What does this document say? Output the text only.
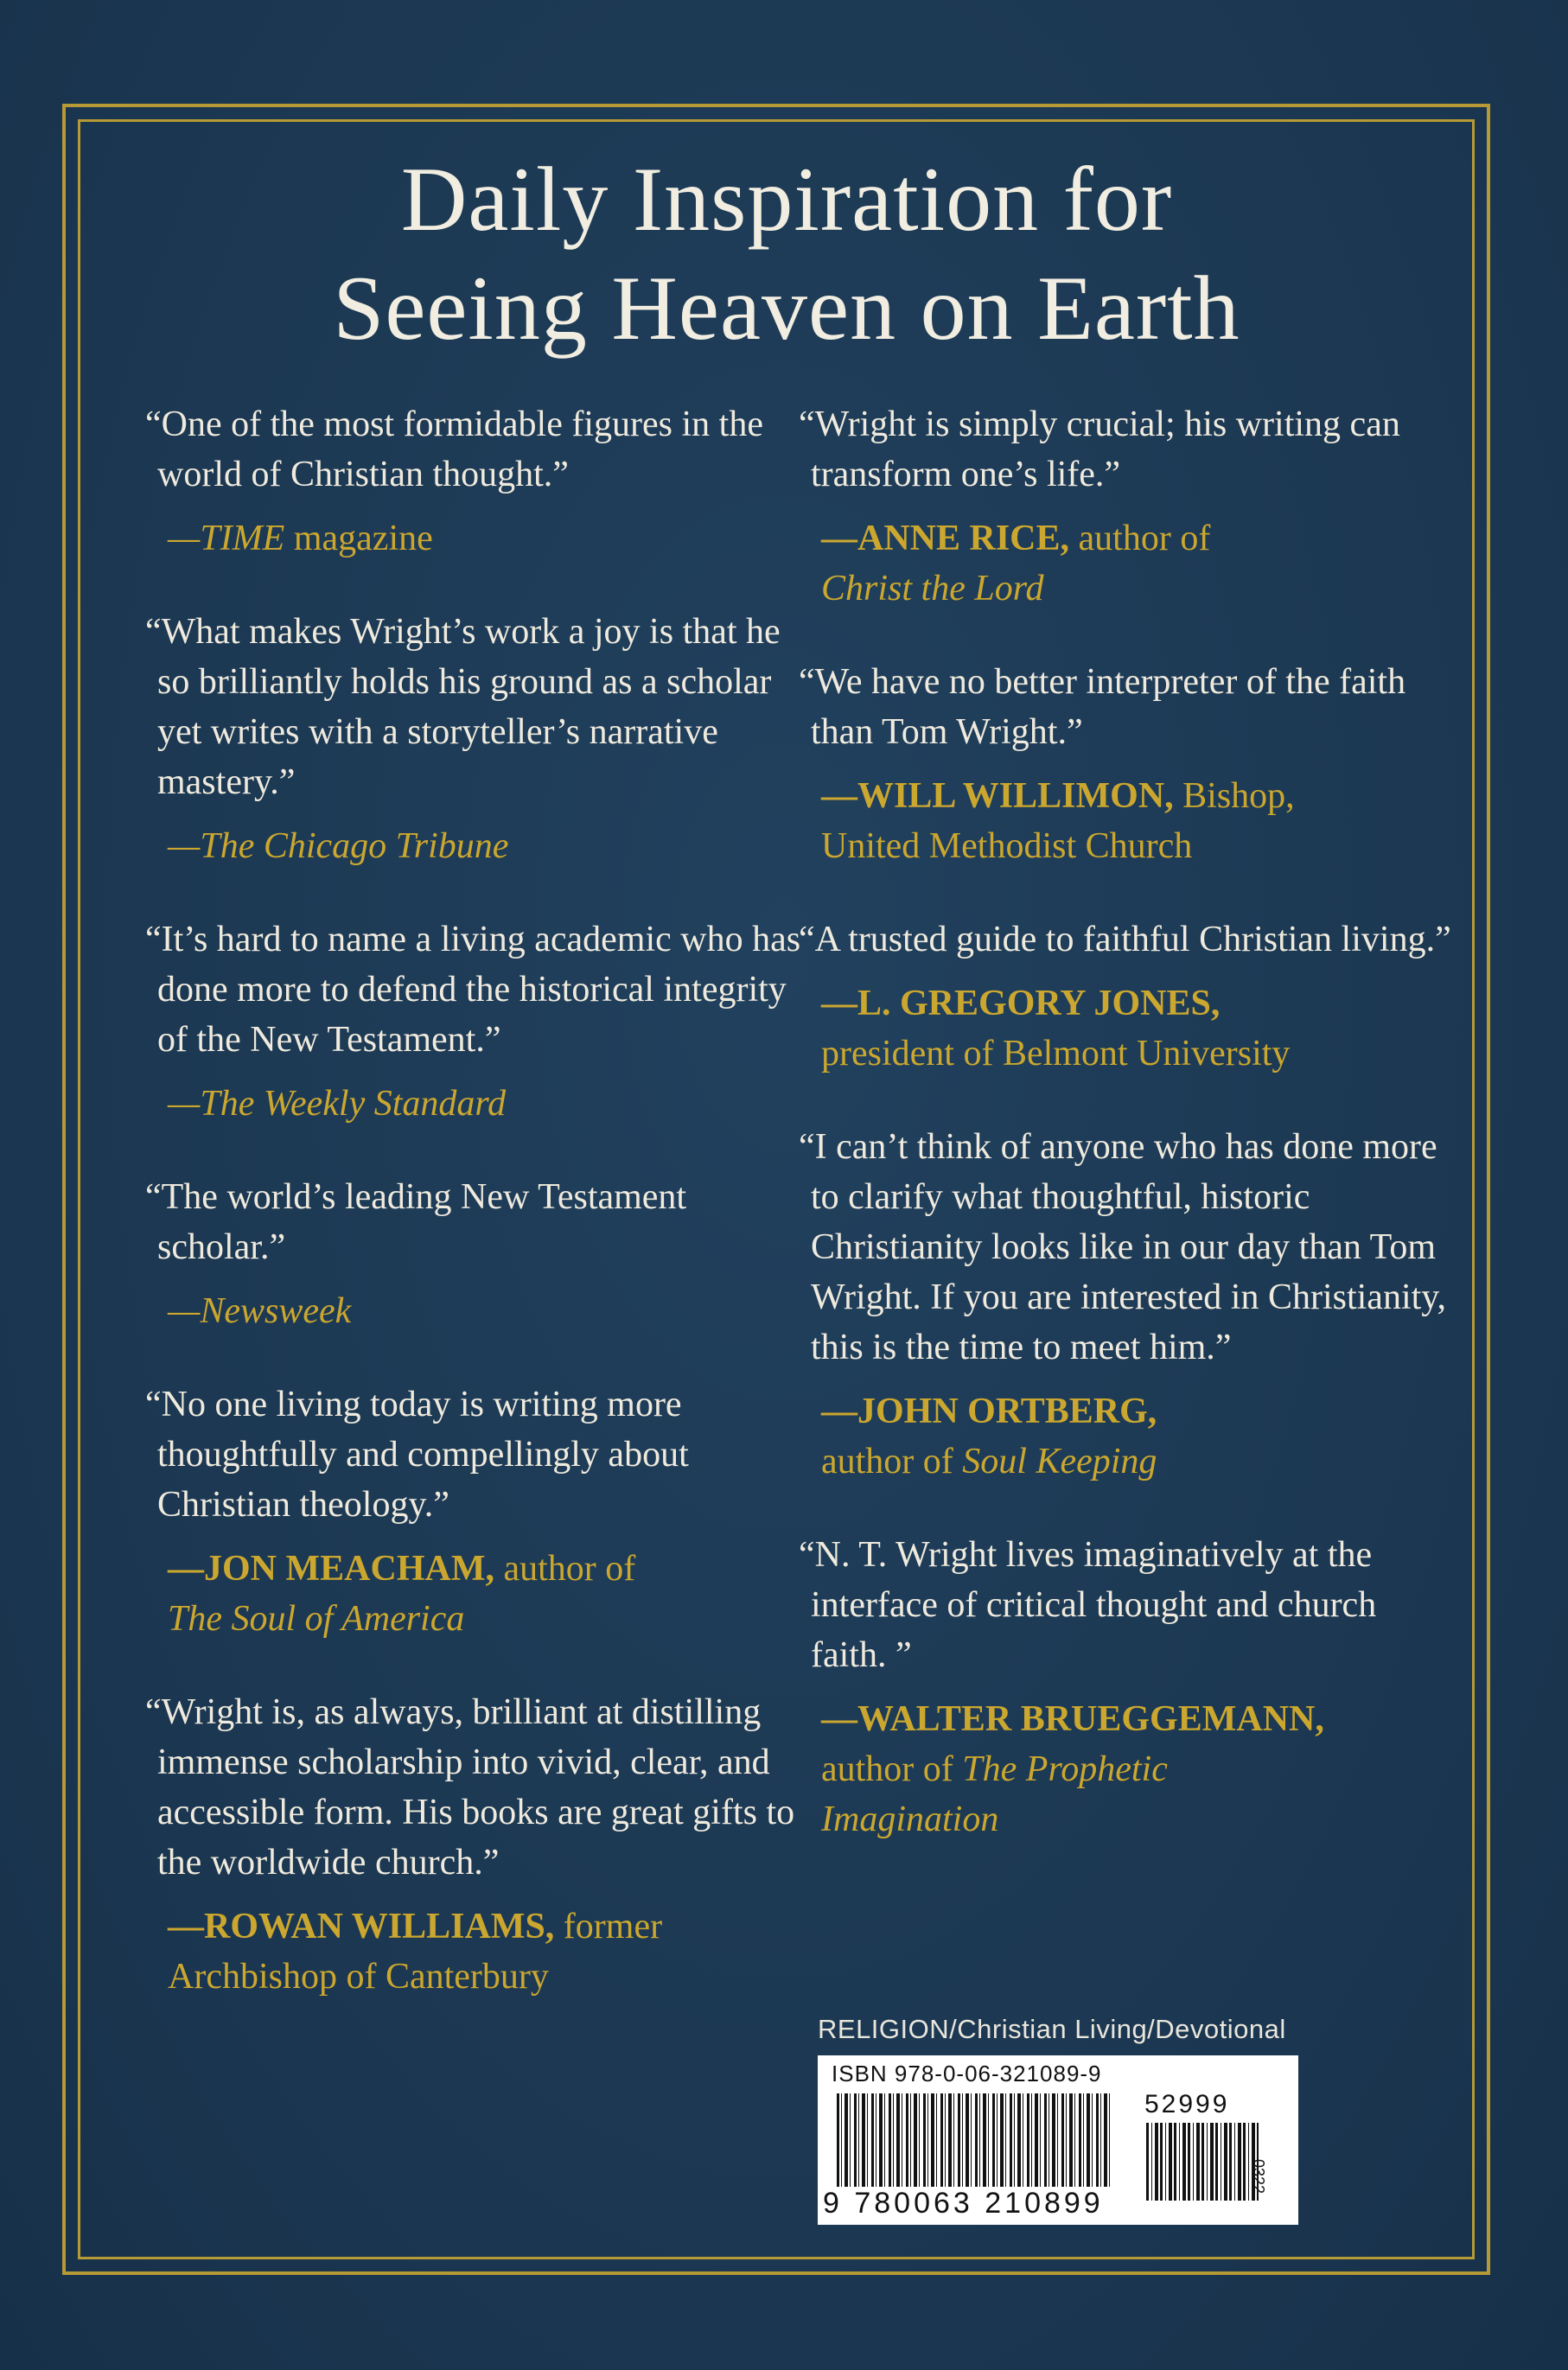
Daily Inspiration for
Seeing Heaven on Earth

“One of the most formidable figures in the world of Christian thought.”

—TIME magazine

“What makes Wright’s work a joy is that he so brilliantly holds his ground as a scholar yet writes with a storyteller’s narrative mastery.”

—The Chicago Tribune

“It’s hard to name a living academic who has done more to defend the historical integrity of the New Testament.”

—The Weekly Standard

“The world’s leading New Testament scholar.”

—Newsweek

“No one living today is writing more thoughtfully and compellingly about Christian theology.”

—JON MEACHAM, author of
The Soul of America

“Wright is, as always, brilliant at distilling immense scholarship into vivid, clear, and accessible form. His books are great gifts to the worldwide church.”

—ROWAN WILLIAMS, former
Archbishop of Canterbury

“Wright is simply crucial; his writing can transform one’s life.”

—ANNE RICE, author of
Christ the Lord

“We have no better interpreter of the faith than Tom Wright.”

—WILL WILLIMON, Bishop,
United Methodist Church

“A trusted guide to faithful Christian living.”

—L. GREGORY JONES,
president of Belmont University

“I can’t think of anyone who has done more to clarify what thoughtful, historic Christianity looks like in our day than Tom Wright. If you are interested in Christianity, this is the time to meet him.”

—JOHN ORTBERG,
author of Soul Keeping

“N. T. Wright lives imaginatively at the interface of critical thought and church faith. ”

—WALTER BRUEGGEMANN,
author of The Prophetic Imagination
RELIGION/Christian Living/Devotional
ISBN 978-0-06-321089-9
52999
9 780063 210899
0322
